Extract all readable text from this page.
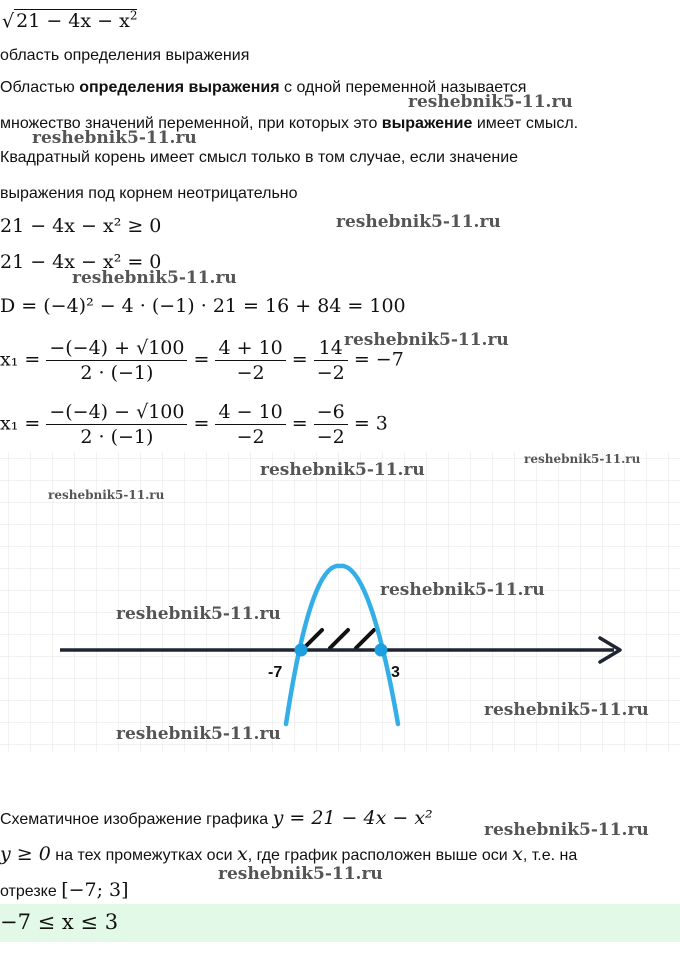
√ $21 - 4x - x^2$
область определения выражения
Областью определения выражения с одной переменной называется
множество значений переменной, при которых это выражение имеет смысл.
Квадратный корень имеет смысл только в том случае, если значение
выражения под корнем неотрицательно
21 − 4x − x² ≥ 0
21 − 4x − x² = 0
D = (−4)² − 4 · (−1) · 21 = 16 + 84 = 100
$x_1 = \frac{-(-4) + √100}{2 \cdot (-1)} = \frac{4 + 10}{-2} = \frac{14}{-2} = -7$
$x_1 = \frac{-(-4) - √100}{2 \cdot (-1)} = \frac{4 - 10}{-2} = \frac{-6}{-2} = 3$
-7	3
Схематичное изображение графика y = 21 − 4x − x²
y ≥ 0 на тех промежутках оси x, где график расположен выше оси x, т.е. на
отрезке [−7; 3]
−7 ≤ x ≤ 3
reshebnik5-11.ru
reshebnik5-11.ru
reshebnik5-11.ru
reshebnik5-11.ru
reshebnik5-11.ru
reshebnik5-11.ru
reshebnik5-11.ru
reshebnik5-11.ru
reshebnik5-11.ru
reshebnik5-11.ru
reshebnik5-11.ru
reshebnik5-11.ru
reshebnik5-11.ru
reshebnik5-11.ru
